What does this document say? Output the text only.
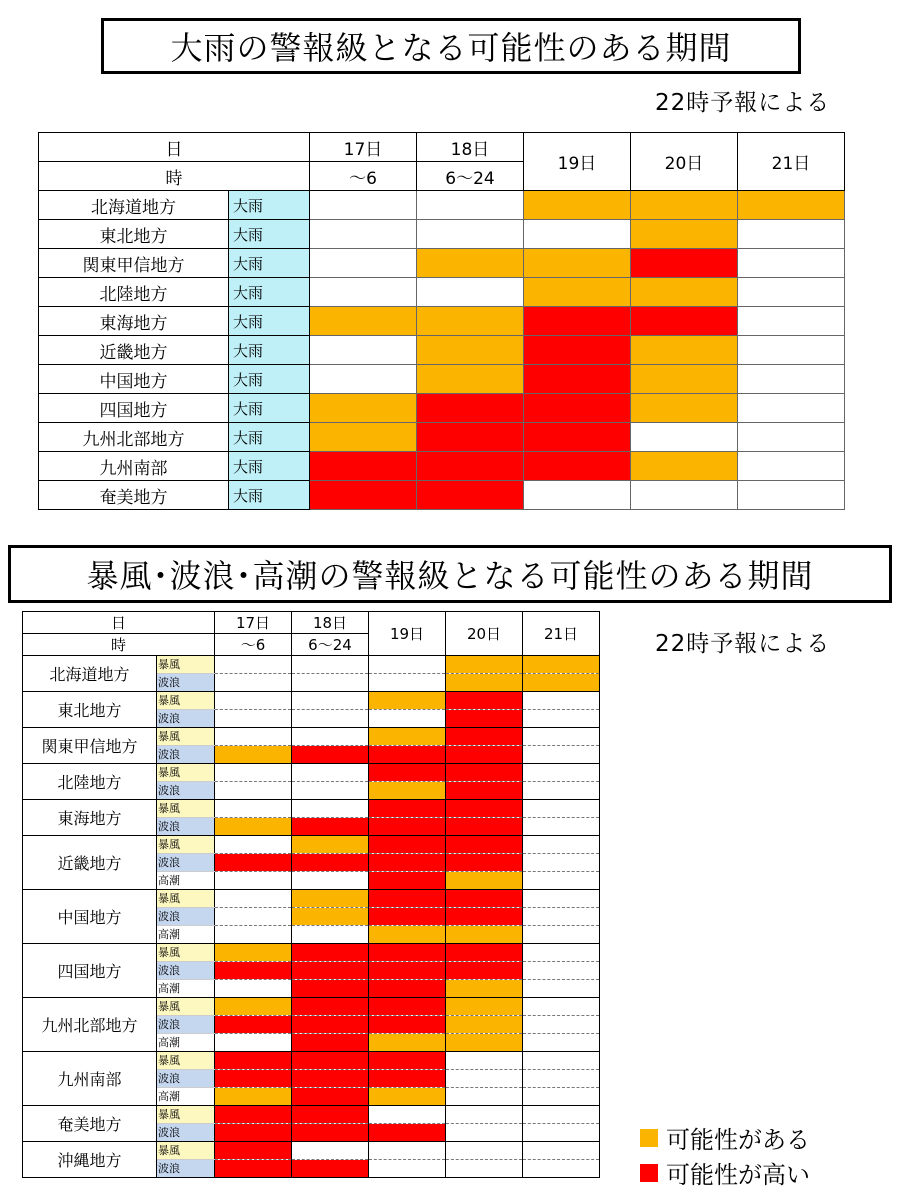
大雨の警報級となる可能性のある期間
22時予報による
日		17日	18日	19日	20日	21日
時		～6	6～24			
北海道地方	大雨					
東北地方	大雨					
関東甲信地方	大雨					
北陸地方	大雨					
東海地方	大雨					
近畿地方	大雨					
中国地方	大雨					
四国地方	大雨					
九州北部地方	大雨					
九州南部	大雨					
奄美地方	大雨					
暴風･波浪･高潮の警報級となる可能性のある期間
22時予報による
日		17日	18日	19日	20日	21日
時		～6	6～24			
北海道地方	暴風					
	波浪					
東北地方	暴風					
	波浪					
関東甲信地方	暴風					
	波浪					
北陸地方	暴風					
	波浪					
東海地方	暴風					
	波浪					
近畿地方	暴風					
	波浪					
	高潮					
中国地方	暴風					
	波浪					
	高潮					
四国地方	暴風					
	波浪					
	高潮					
九州北部地方	暴風					
	波浪					
	高潮					
九州南部	暴風					
	波浪					
	高潮					
奄美地方	暴風					
	波浪					
沖縄地方	暴風					
	波浪					
可能性がある
可能性が高い
